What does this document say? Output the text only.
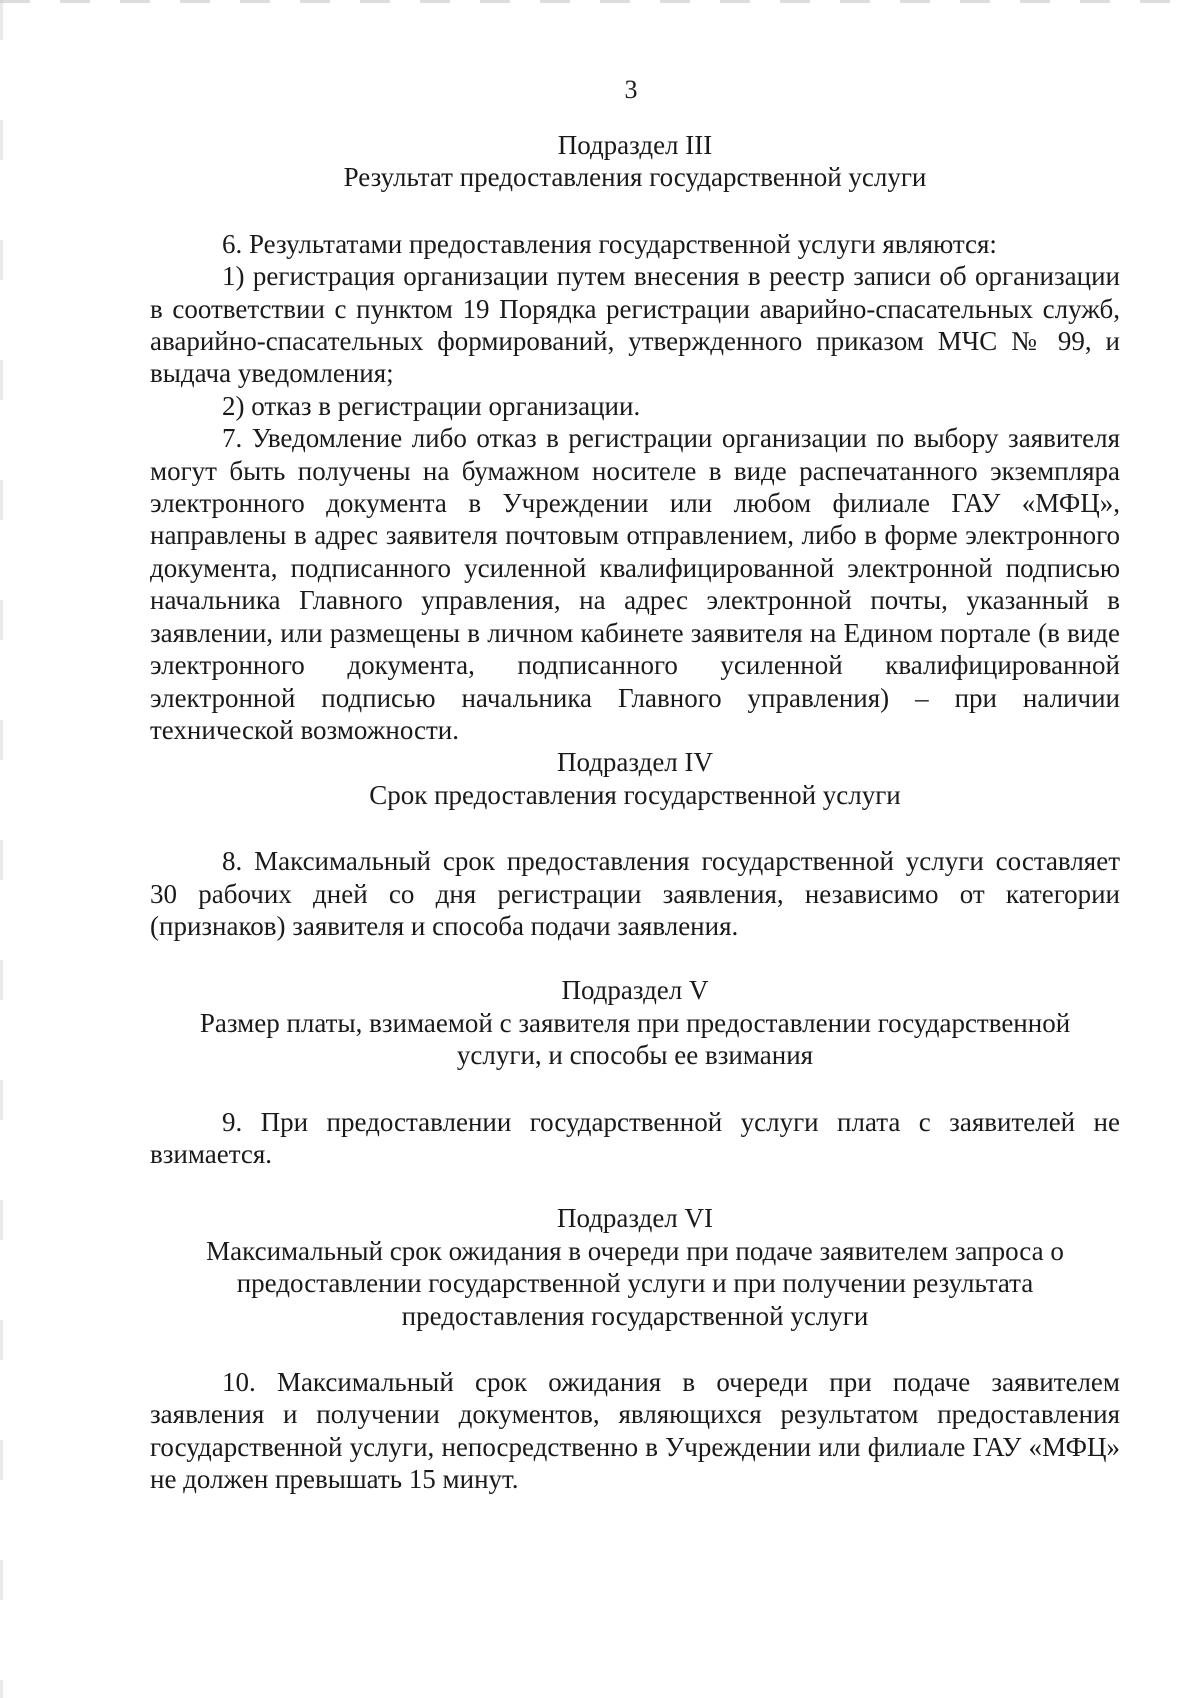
3
Подраздел III
Результат предоставления государственной услуги

6. Результатами предоставления государственной услуги являются:

1) регистрация организации путем внесения в реестр записи об организации в соответствии с пунктом 19 Порядка регистрации аварийно-спасательных служб, аварийно-спасательных формирований, утвержденного приказом МЧС № 99, и выдача уведомления;

2) отказ в регистрации организации.

7. Уведомление либо отказ в регистрации организации по выбору заявителя могут быть получены на бумажном носителе в виде распечатанного экземпляра электронного документа в Учреждении или любом филиале ГАУ «МФЦ», направлены в адрес заявителя почтовым отправлением, либо в форме электронного документа, подписанного усиленной квалифицированной электронной подписью начальника Главного управления, на адрес электронной почты, указанный в заявлении, или размещены в личном кабинете заявителя на Едином портале (в виде электронного документа, подписанного усиленной квалифицированной электронной подписью начальника Главного управления) – при наличии технической возможности.

Подраздел IV
Срок предоставления государственной услуги

8. Максимальный срок предоставления государственной услуги составляет 30 рабочих дней со дня регистрации заявления, независимо от категории (признаков) заявителя и способа подачи заявления.

Подраздел V
Размер платы, взимаемой с заявителя при предоставлении государственной
услуги, и способы ее взимания

9. При предоставлении государственной услуги плата с заявителей не взимается.

Подраздел VI
Максимальный срок ожидания в очереди при подаче заявителем запроса о
предоставлении государственной услуги и при получении результата
предоставления государственной услуги

10. Максимальный срок ожидания в очереди при подаче заявителем заявления и получении документов, являющихся результатом предоставления государственной услуги, непосредственно в Учреждении или филиале ГАУ «МФЦ» не должен превышать 15 минут.
